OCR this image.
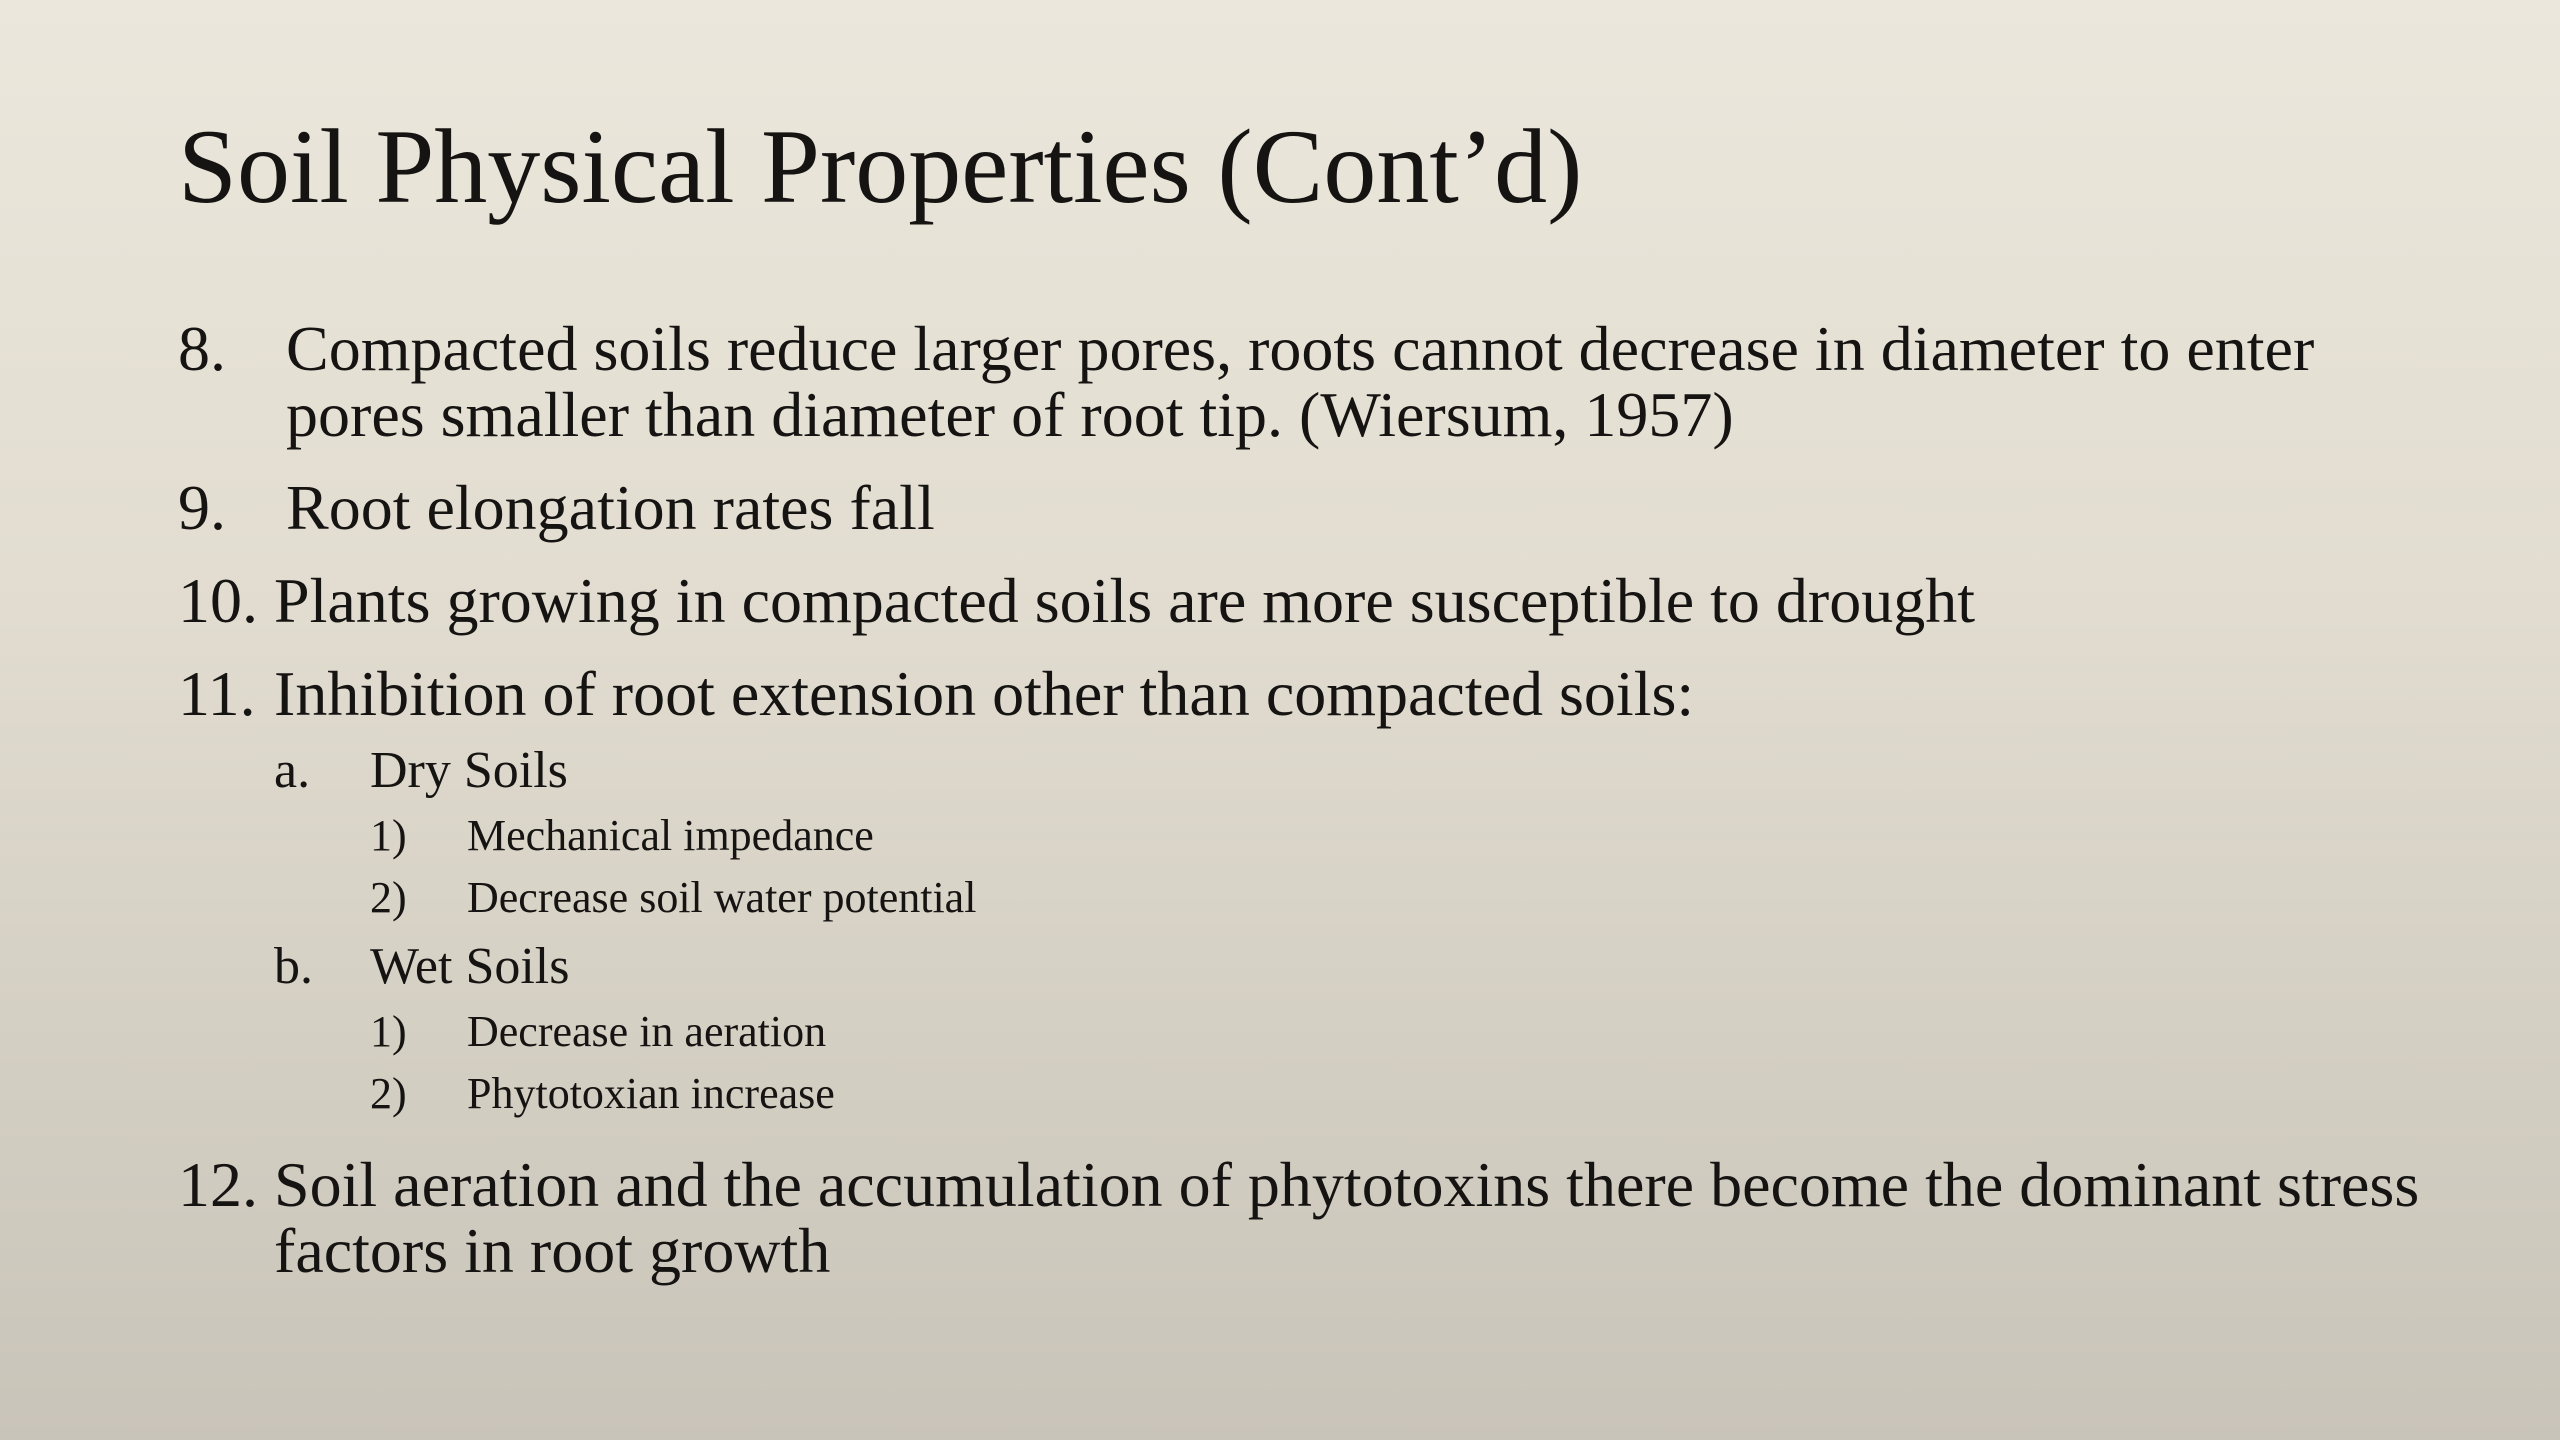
Soil Physical Properties (Cont’d)
8. Compacted soils reduce larger pores, roots cannot decrease in diameter to enter pores smaller than diameter of root tip. (Wiersum, 1957)
9. Root elongation rates fall
10. Plants growing in compacted soils are more susceptible to drought
11. Inhibition of root extension other than compacted soils:
a. Dry Soils
1) Mechanical impedance
2) Decrease soil water potential
b. Wet Soils
1) Decrease in aeration
2) Phytotoxian increase
12. Soil aeration and the accumulation of phytotoxins there become the dominant stress factors in root growth
